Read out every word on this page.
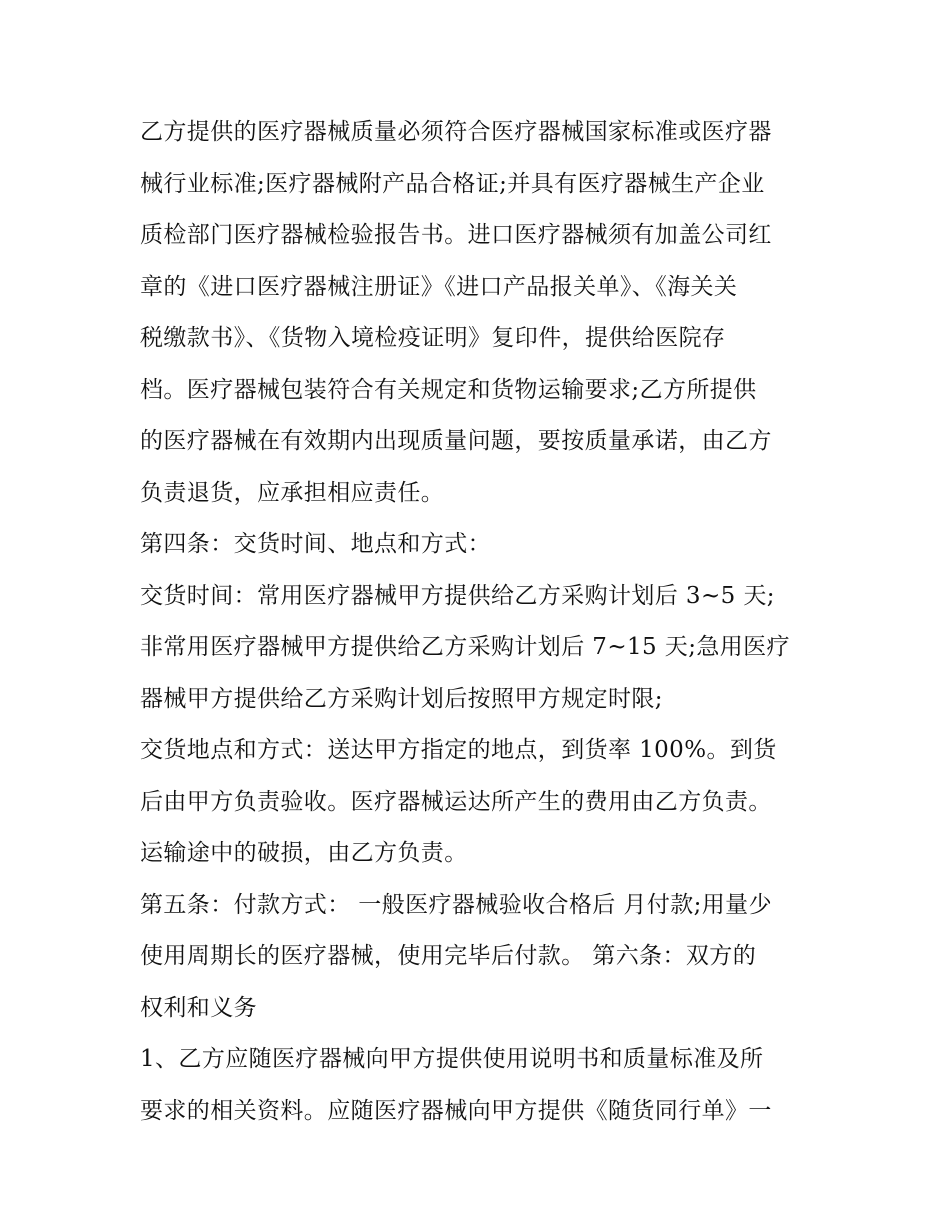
乙方提供的医疗器械质量必须符合医疗器械国家标准或医疗器
械行业标准;医疗器械附产品合格证;并具有医疗器械生产企业
质检部门医疗器械检验报告书。进口医疗器械须有加盖公司红
章的《进口医疗器械注册证》《进口产品报关单》、《海关关
税缴款书》、《货物入境检疫证明》复印件，提供给医院存
档。医疗器械包装符合有关规定和货物运输要求;乙方所提供
的医疗器械在有效期内出现质量问题，要按质量承诺，由乙方
负责退货，应承担相应责任。
第四条：交货时间、地点和方式：
交货时间：常用医疗器械甲方提供给乙方采购计划后 3~5 天;
非常用医疗器械甲方提供给乙方采购计划后 7~15 天;急用医疗
器械甲方提供给乙方采购计划后按照甲方规定时限;
交货地点和方式：送达甲方指定的地点，到货率 100%。到货
后由甲方负责验收。医疗器械运达所产生的费用由乙方负责。
运输途中的破损，由乙方负责。
第五条：付款方式： 一般医疗器械验收合格后 月付款;用量少
使用周期长的医疗器械，使用完毕后付款。 第六条：双方的
权利和义务
1、乙方应随医疗器械向甲方提供使用说明书和质量标准及所
要求的相关资料。应随医疗器械向甲方提供《随货同行单》一
